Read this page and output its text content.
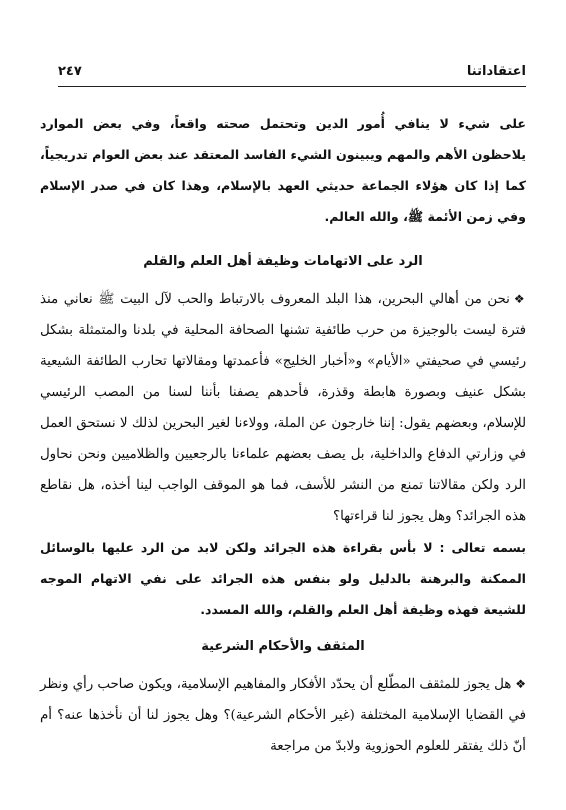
اعتقاداتنا
٢٤٧

على شيء لا ينافي أُمور الدين وتحتمل صحته واقعاً، وفي بعض الموارد يلاحظون الأهم والمهم ويبينون الشيء الفاسد المعتقد عند بعض العوام تدريجياً، كما إذا كان هؤلاء الجماعة حديثي العهد بالإسلام، وهذا كان في صدر الإسلام وفي زمن الأئمة ﷺ، والله العالم.

الرد على الاتهامات وظيفة أهل العلم والقلم

❖نحن من أهالي البحرين، هذا البلد المعروف بالارتباط والحب لآل البيت ﷺ نعاني منذ فترة ليست بالوجيزة من حرب طائفية تشنها الصحافة المحلية في بلدنا والمتمثلة بشكل رئيسي في صحيفتي «الأيام» و«أخبار الخليج» فأعمدتها ومقالاتها تحارب الطائفة الشيعية بشكل عنيف وبصورة هابطة وقذرة، فأحدهم يصفنا بأننا لسنا من المصب الرئيسي للإسلام، وبعضهم يقول: إننا خارجون عن الملة، وولاءنا لغير البحرين لذلك لا نستحق العمل في وزارتي الدفاع والداخلية، بل يصف بعضهم علماءنا بالرجعيين والظلاميين ونحن نحاول الرد ولكن مقالاتنا تمنع من النشر للأسف، فما هو الموقف الواجب لينا أخذه، هل نقاطع هذه الجرائد؟ وهل يجوز لنا قراءتها؟

بسمه تعالى : لا بأس بقراءة هذه الجرائد ولكن لابد من الرد عليها بالوسائل الممكنة والبرهنة بالدليل ولو بنفس هذه الجرائد على نفي الاتهام الموجه للشيعة فهذه وظيفة أهل العلم والقلم، والله المسدد.

المثقف والأحكام الشرعية

❖هل يجوز للمثقف المطّلع أن يحدّد الأفكار والمفاهيم الإسلامية، ويكون صاحب رأي ونظر في القضايا الإسلامية المختلفة (غير الأحكام الشرعية)؟ وهل يجوز لنا أن نأخذها عنه؟ أم أنّ ذلك يفتقر للعلوم الحوزوية ولابدّ من مراجعة
